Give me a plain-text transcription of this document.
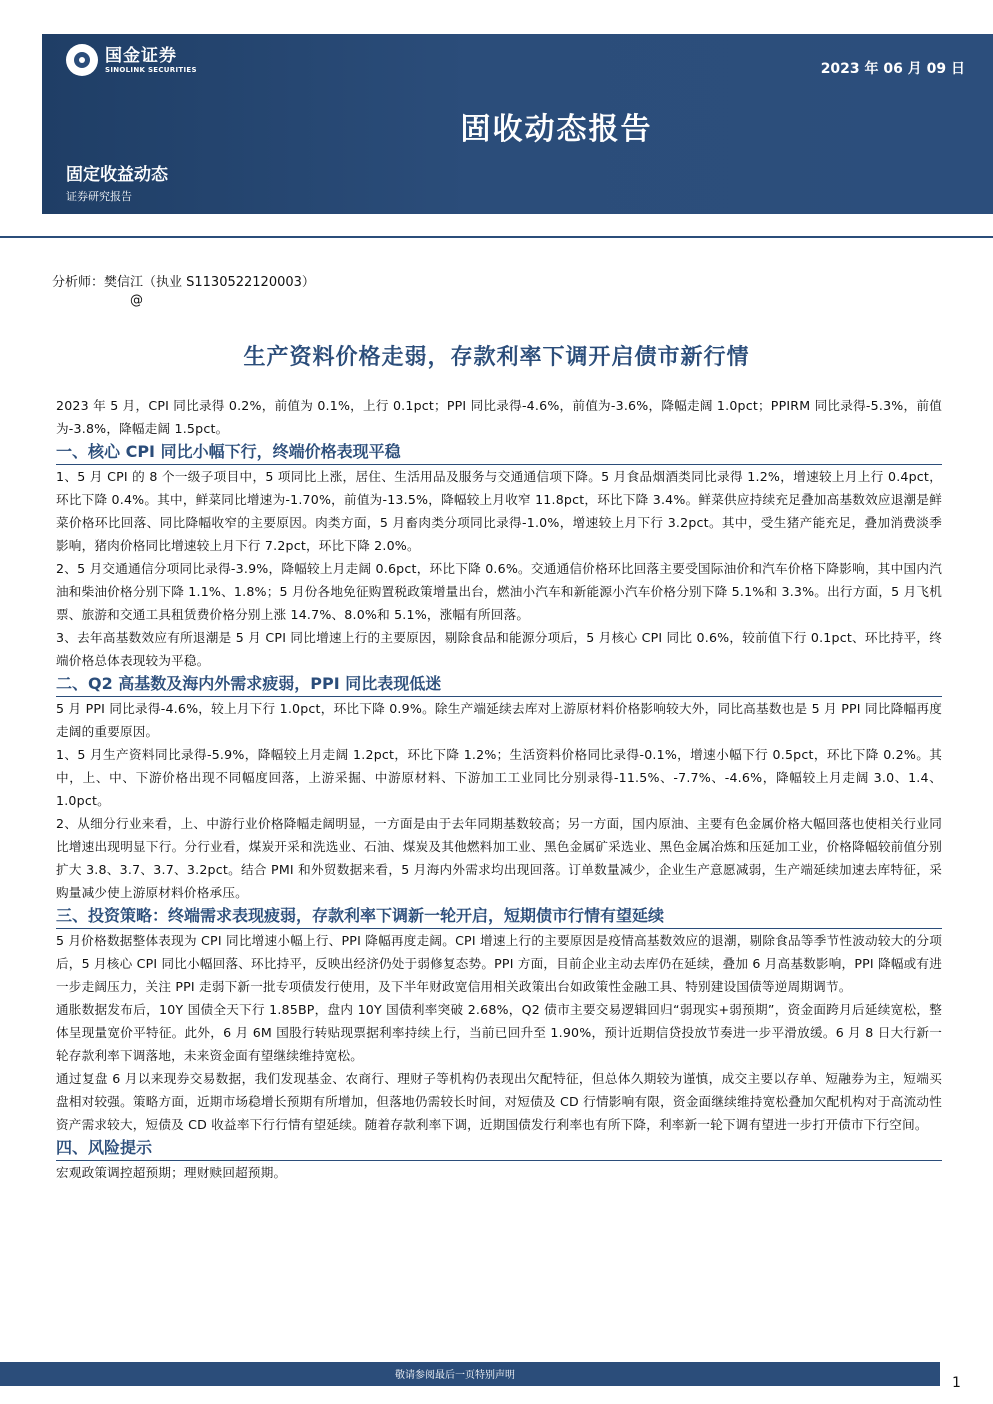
国金证券
SINOLINK SECURITIES	2023 年 06 月 09 日
固收动态报告
固定收益动态
证券研究报告
分析师：樊信江（执业 S1130522120003）
@
生产资料价格走弱，存款利率下调开启债市新行情

2023 年 5 月，CPI 同比录得 0.2%，前值为 0.1%，上行 0.1pct；PPI 同比录得-4.6%，前值为-3.6%，降幅走阔 1.0pct；PPIRM 同比录得-5.3%，前值为-3.8%，降幅走阔 1.5pct。

一、核心 CPI 同比小幅下行，终端价格表现平稳

1、5 月 CPI 的 8 个一级子项目中，5 项同比上涨，居住、生活用品及服务与交通通信项下降。5 月食品烟酒类同比录得 1.2%，增速较上月上行 0.4pct，环比下降 0.4%。其中，鲜菜同比增速为-1.70%，前值为-13.5%，降幅较上月收窄 11.8pct，环比下降 3.4%。鲜菜供应持续充足叠加高基数效应退潮是鲜菜价格环比回落、同比降幅收窄的主要原因。肉类方面，5 月畜肉类分项同比录得-1.0%，增速较上月下行 3.2pct。其中，受生猪产能充足，叠加消费淡季影响，猪肉价格同比增速较上月下行 7.2pct，环比下降 2.0%。

2、5 月交通通信分项同比录得-3.9%，降幅较上月走阔 0.6pct，环比下降 0.6%。交通通信价格环比回落主要受国际油价和汽车价格下降影响，其中国内汽油和柴油价格分别下降 1.1%、1.8%；5 月份各地免征购置税政策增量出台，燃油小汽车和新能源小汽车价格分别下降 5.1%和 3.3%。出行方面，5 月飞机票、旅游和交通工具租赁费价格分别上涨 14.7%、8.0%和 5.1%，涨幅有所回落。

3、去年高基数效应有所退潮是 5 月 CPI 同比增速上行的主要原因，剔除食品和能源分项后，5 月核心 CPI 同比 0.6%，较前值下行 0.1pct、环比持平，终端价格总体表现较为平稳。

二、Q2 高基数及海内外需求疲弱，PPI 同比表现低迷

5 月 PPI 同比录得-4.6%，较上月下行 1.0pct，环比下降 0.9%。除生产端延续去库对上游原材料价格影响较大外，同比高基数也是 5 月 PPI 同比降幅再度走阔的重要原因。

1、5 月生产资料同比录得-5.9%，降幅较上月走阔 1.2pct，环比下降 1.2%；生活资料价格同比录得-0.1%，增速小幅下行 0.5pct，环比下降 0.2%。其中，上、中、下游价格出现不同幅度回落，上游采掘、中游原材料、下游加工工业同比分别录得-11.5%、-7.7%、-4.6%，降幅较上月走阔 3.0、1.4、1.0pct。

2、从细分行业来看，上、中游行业价格降幅走阔明显，一方面是由于去年同期基数较高；另一方面，国内原油、主要有色金属价格大幅回落也使相关行业同比增速出现明显下行。分行业看，煤炭开采和洗选业、石油、煤炭及其他燃料加工业、黑色金属矿采选业、黑色金属冶炼和压延加工业，价格降幅较前值分别扩大 3.8、3.7、3.7、3.2pct。结合 PMI 和外贸数据来看，5 月海内外需求均出现回落。订单数量减少，企业生产意愿减弱，生产端延续加速去库特征，采购量减少使上游原材料价格承压。

三、投资策略：终端需求表现疲弱，存款利率下调新一轮开启，短期债市行情有望延续

5 月价格数据整体表现为 CPI 同比增速小幅上行、PPI 降幅再度走阔。CPI 增速上行的主要原因是疫情高基数效应的退潮，剔除食品等季节性波动较大的分项后，5 月核心 CPI 同比小幅回落、环比持平，反映出经济仍处于弱修复态势。PPI 方面，目前企业主动去库仍在延续，叠加 6 月高基数影响，PPI 降幅或有进一步走阔压力，关注 PPI 走弱下新一批专项债发行使用，及下半年财政宽信用相关政策出台如政策性金融工具、特别建设国债等逆周期调节。

通胀数据发布后，10Y 国债全天下行 1.85BP，盘内 10Y 国债利率突破 2.68%，Q2 债市主要交易逻辑回归“弱现实+弱预期”，资金面跨月后延续宽松，整体呈现量宽价平特征。此外，6 月 6M 国股行转贴现票据利率持续上行，当前已回升至 1.90%，预计近期信贷投放节奏进一步平滑放缓。6 月 8 日大行新一轮存款利率下调落地，未来资金面有望继续维持宽松。

通过复盘 6 月以来现券交易数据，我们发现基金、农商行、理财子等机构仍表现出欠配特征，但总体久期较为谨慎，成交主要以存单、短融券为主，短端买盘相对较强。策略方面，近期市场稳增长预期有所增加，但落地仍需较长时间，对短债及 CD 行情影响有限，资金面继续维持宽松叠加欠配机构对于高流动性资产需求较大，短债及 CD 收益率下行行情有望延续。随着存款利率下调，近期国债发行利率也有所下降，利率新一轮下调有望进一步打开债市下行空间。

四、风险提示

宏观政策调控超预期；理财赎回超预期。

敬请参阅最后一页特别声明	1
